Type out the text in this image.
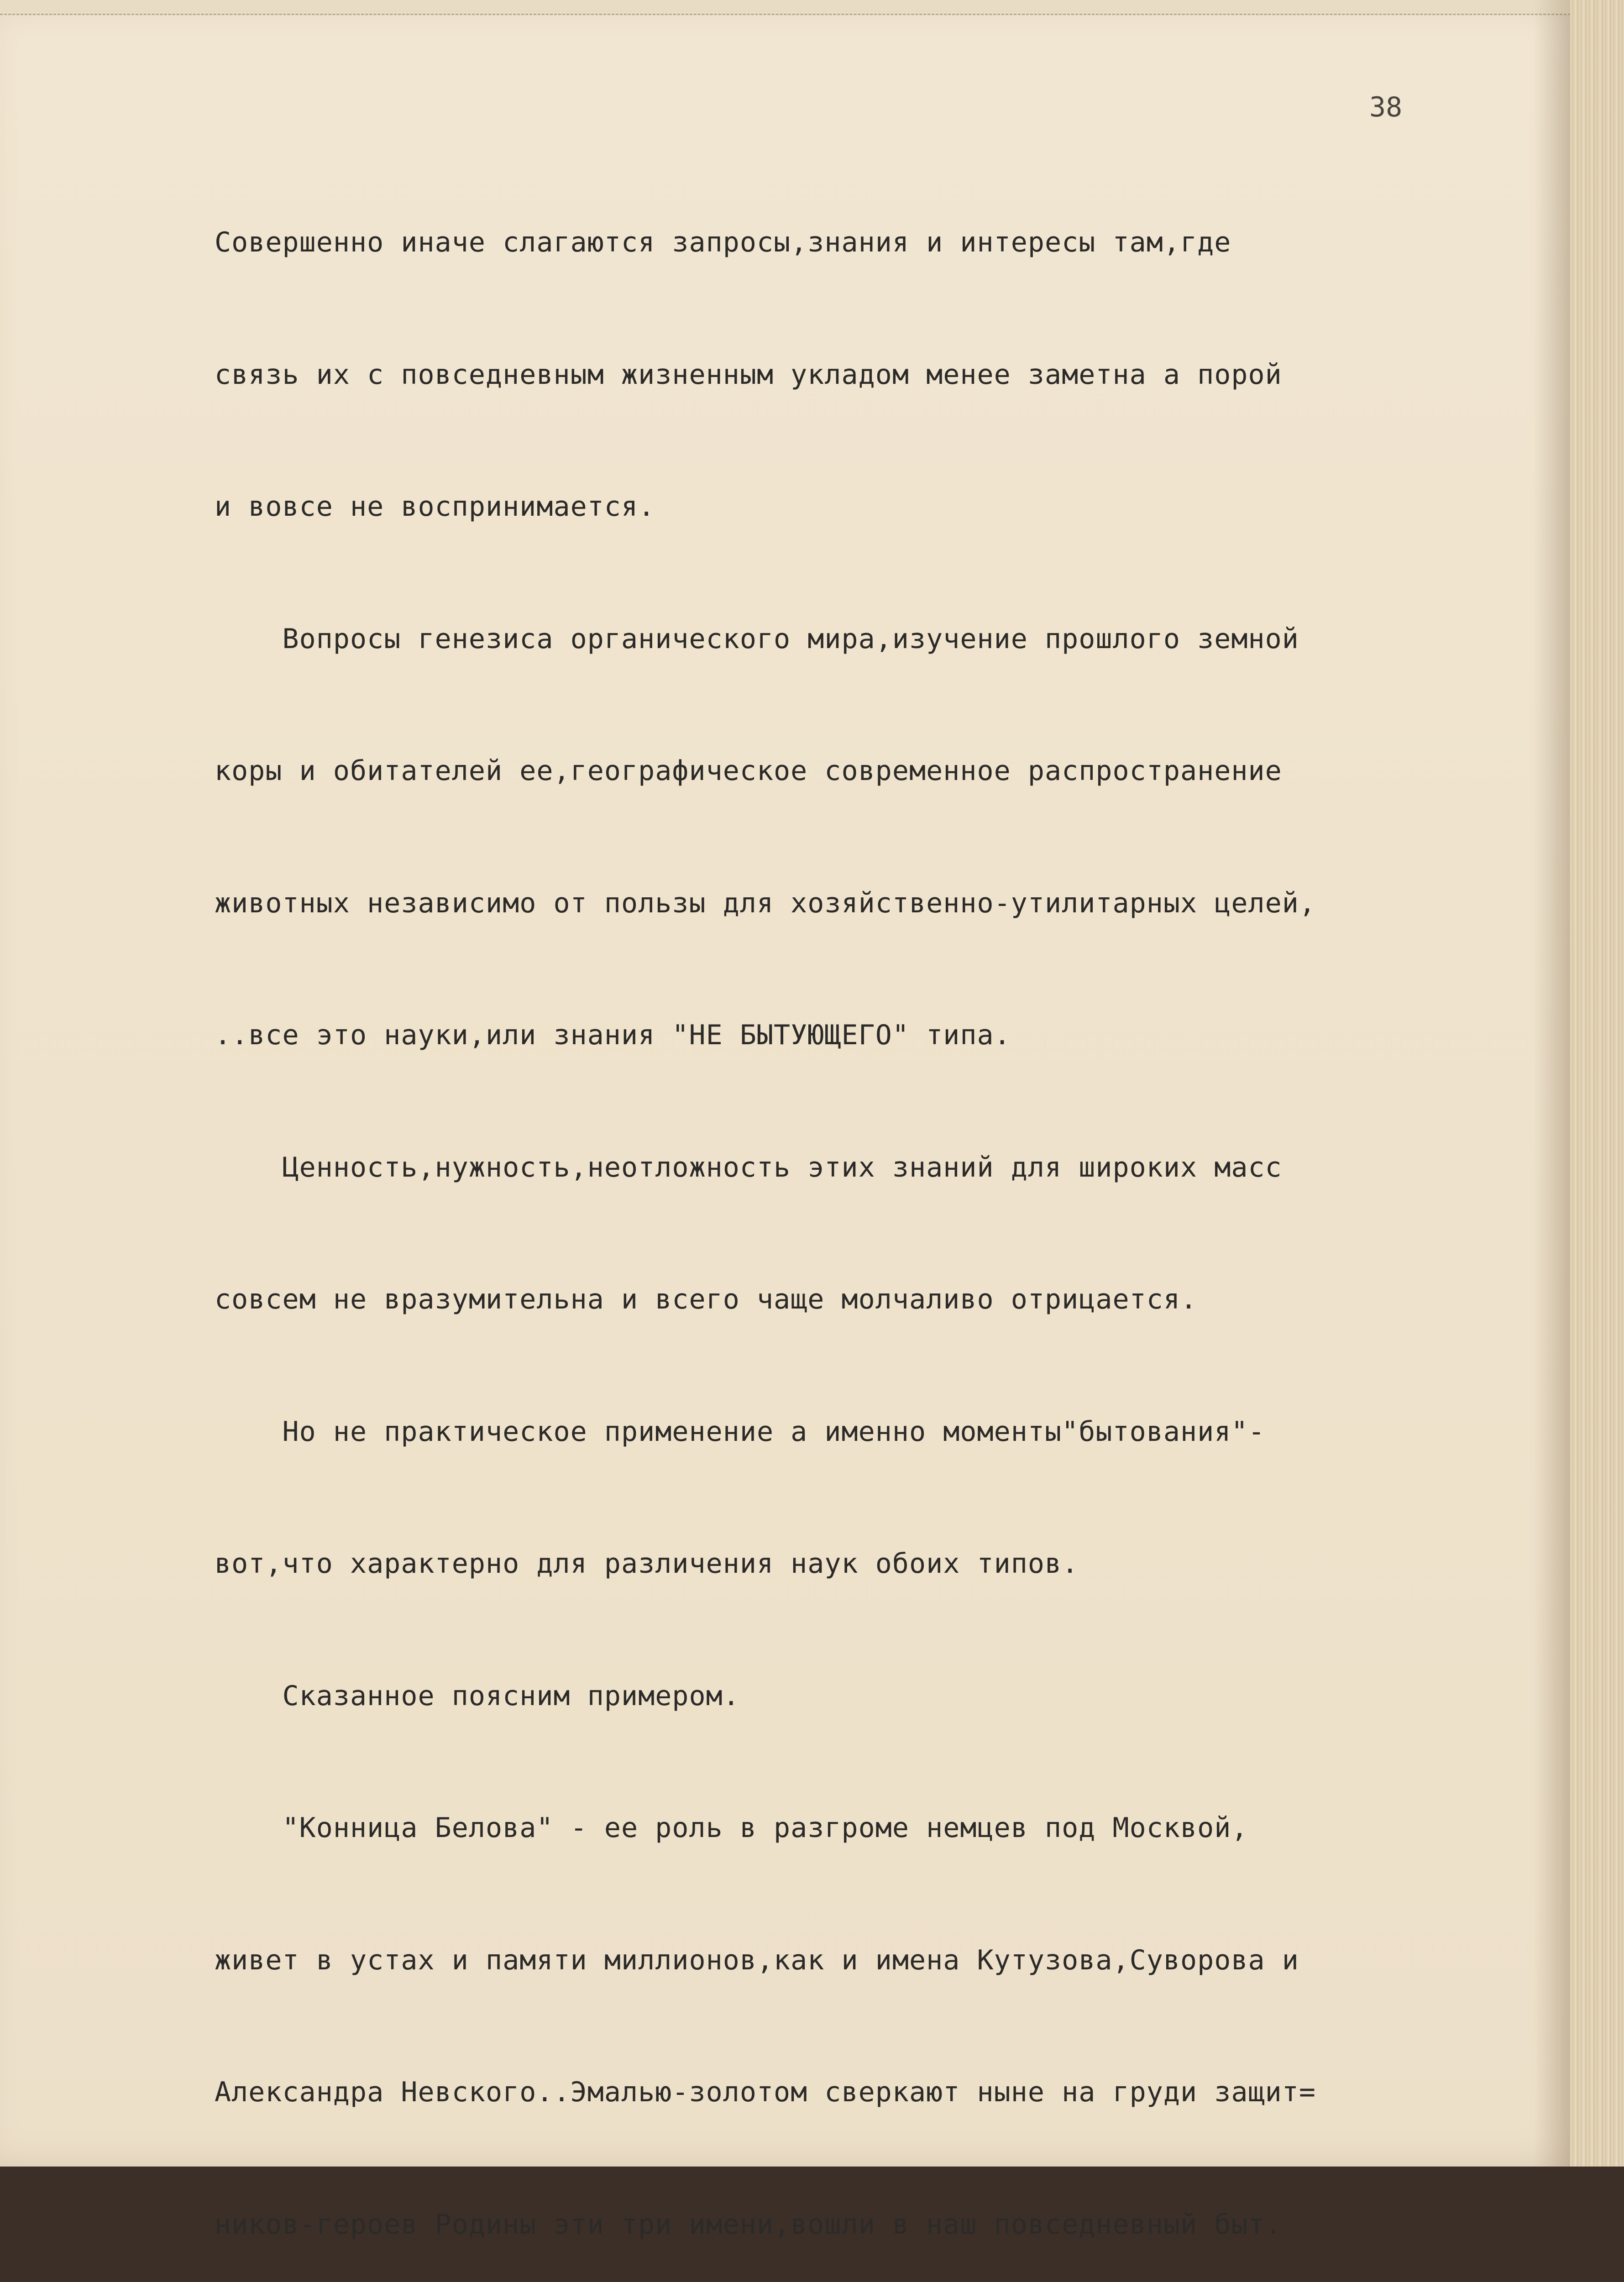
38

Совершенно иначе слагаются запросы,знания и интересы там,где

связь их с повседневным жизненным укладом менее заметна а порой

и вовсе не воспринимается.

Вопросы генезиса органического мира,изучение прошлого земной

коры и обитателей ее,географическое современное распространение

животных независимо от пользы для хозяйственно-утилитарных целей,

..все это науки,или знания "НЕ БЫТУЮЩЕГО" типа.

Ценность,нужность,неотложность этих знаний для широких масс

совсем не вразумительна и всего чаще молчаливо отрицается.

Но не практическое применение а именно моменты"бытования"-

вот,что характерно для различения наук обоих типов.

Сказанное поясним примером.

"Конница Белова" - ее роль в разгроме немцев под Москвой,

живет в устах и памяти миллионов,как и имена Кутузова,Суворова и

Александра Невского..Эмалью-золотом сверкают ныне на груди защит=

ников-героев Родины эти три имени,вошли в наш повседневный быт.
